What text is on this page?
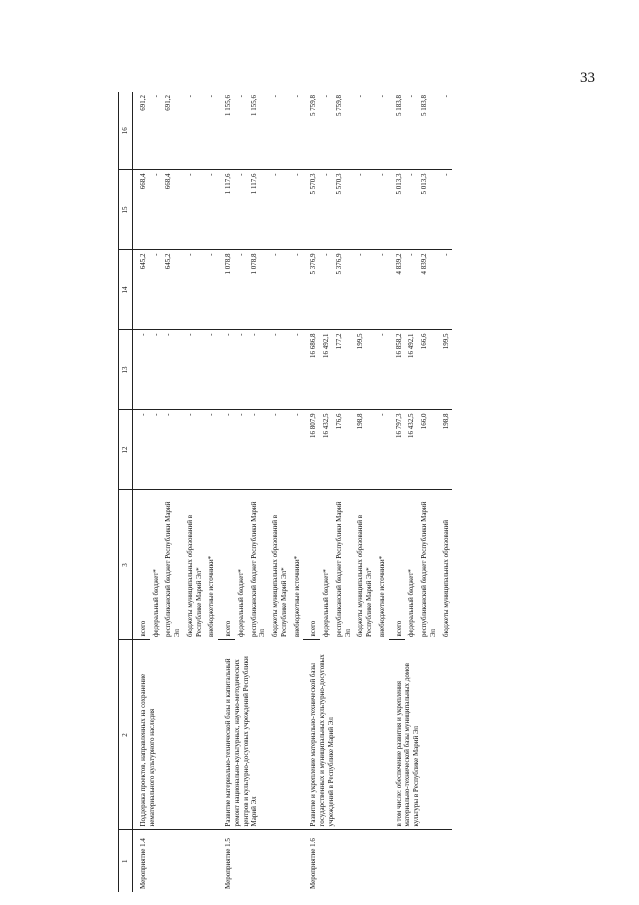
33
1	2	3	12	13	14	15	16
Мероприятие 1.4	Поддержка проектов, направленных на сохранение нематериального культурного наследия	всего	-	-	645,2	668,4	691,2
		федеральный бюджет*	-	-	-	-	-
		республиканский бюджет Республики Марий Эл	-	-	645,2	668,4	691,2
		бюджеты муниципальных образований в Республике Марий Эл*	-	-	-	-	-
		внебюджетные источники*	-	-	-	-	-
Мероприятие 1.5	Развитие материально-технической базы и капитальный ремонт национально-культурных, научно-методических центров и культурно-досуговых учреждений Республики Марий Эл	всего	-	-	1 078,8	1 117,6	1 155,6
		федеральный бюджет*	-	-	-	-	-
		республиканский бюджет Республики Марий Эл	-	-	1 078,8	1 117,6	1 155,6
		бюджеты муниципальных образований в Республике Марий Эл*	-	-	-	-	-
		внебюджетные источники*	-	-	-	-	-
Мероприятие 1.6	Развитие и укрепление материально-технической базы государственных и муниципальных культурно-досуговых учреждений в Республике Марий Эл	всего	16 807,9	16 686,8	5 376,9	5 570,3	5 759,8
		федеральный бюджет*	16 432,5	16 492,1	-	-	-
		республиканский бюджет Республики Марий Эл	176,6	177,2	5 376,9	5 570,3	5 759,8
		бюджеты муниципальных образований в Республике Марий Эл*	198,8	199,5	-	-	-
		внебюджетные источники*	-	-	-	-	-
	в том числе: обеспечение развития и укрепления материально-технической базы муниципальных домов культуры в Республике Марий Эл	всего	16 797,3	16 858,2	4 839,2	5 013,3	5 183,8
		федеральный бюджет*	16 432,5	16 492,1	-	-	-
		республиканский бюджет Республики Марий Эл	166,0	166,6	4 839,2	5 013,3	5 183,8
		бюджеты муниципальных образований	198,8	199,5	-	-	-
